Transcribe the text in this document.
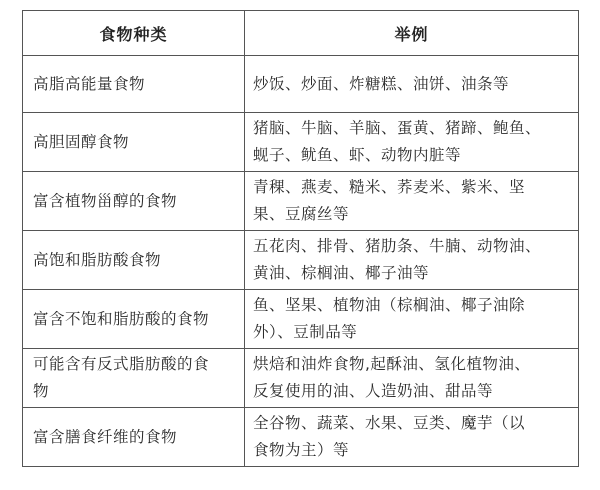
食物种类	举例

高脂高能量食物	炒饭、炒面、炸糖糕、油饼、油条等

高胆固醇食物	猪脑、牛脑、羊脑、蛋黄、猪蹄、鲍鱼、
蚬子、鱿鱼、虾、动物内脏等

富含植物甾醇的食物	青稞、燕麦、糙米、荞麦米、紫米、坚
果、豆腐丝等

高饱和脂肪酸食物	五花肉、排骨、猪肋条、牛腩、动物油、
黄油、棕榈油、椰子油等

富含不饱和脂肪酸的食物	鱼、坚果、植物油（棕榈油、椰子油除
外）、豆制品等

可能含有反式脂肪酸的食
物	烘焙和油炸食物,起酥油、氢化植物油、
反复使用的油、人造奶油、甜品等

富含膳食纤维的食物	全谷物、蔬菜、水果、豆类、魔芋（以
食物为主）等
